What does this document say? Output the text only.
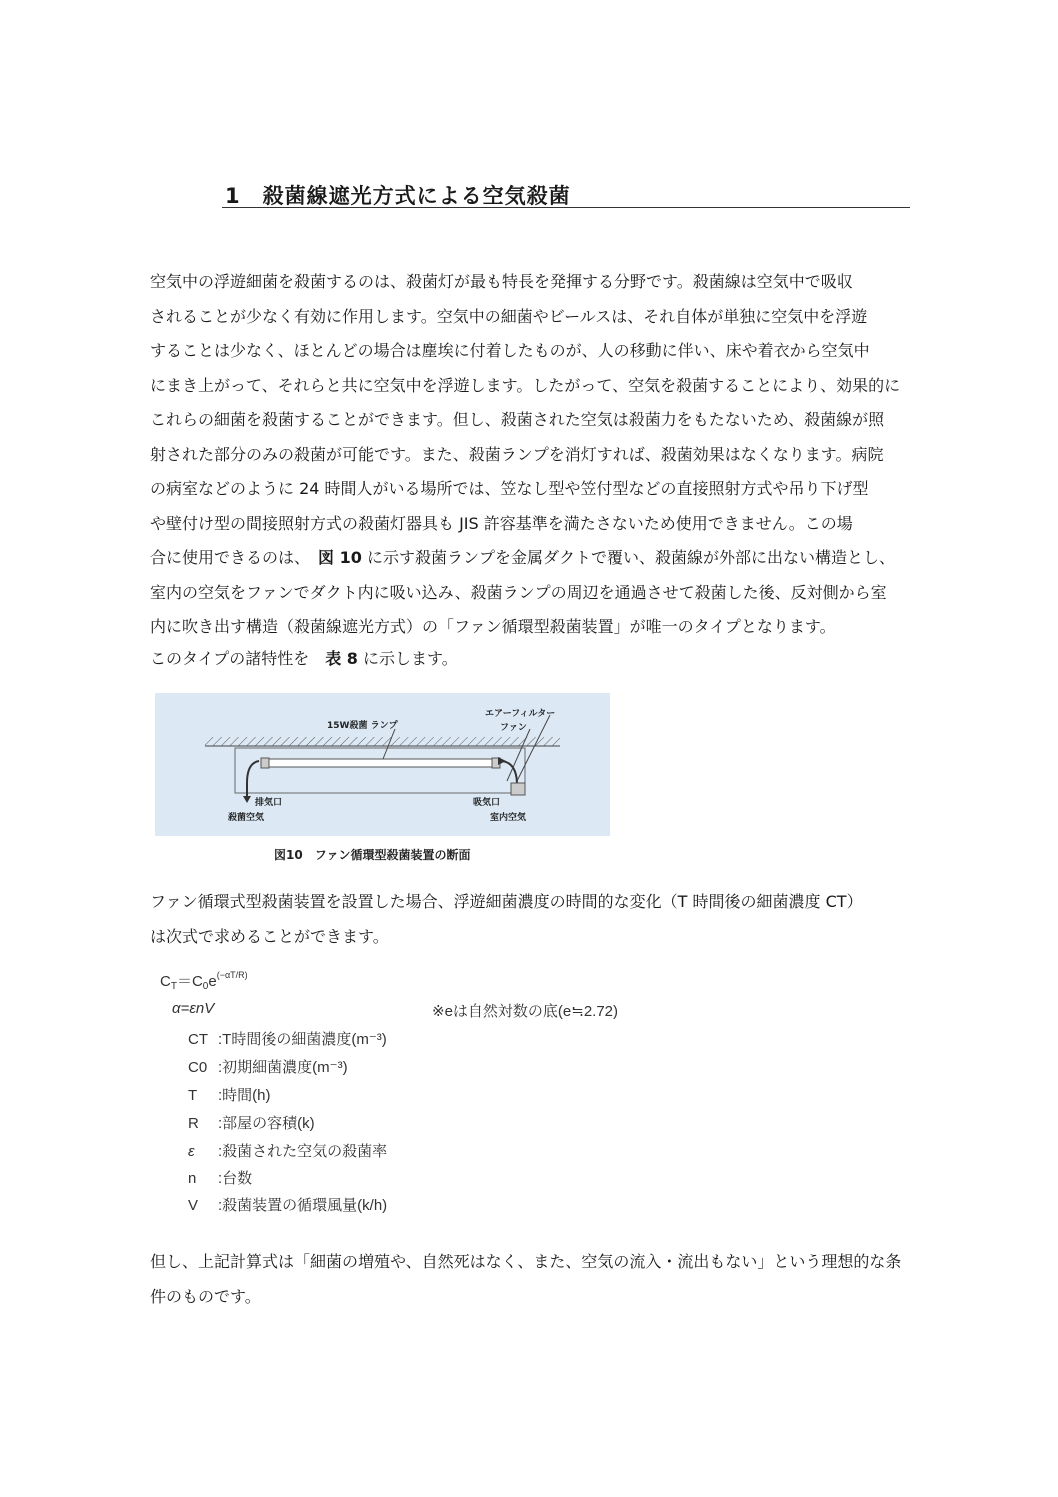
1　 殺菌線遮光方式による空気殺菌
空気中の浮遊細菌を殺菌するのは、殺菌灯が最も特長を発揮する分野です。殺菌線は空気中で吸収
されることが少なく有効に作用します。空気中の細菌やビールスは、それ自体が単独に空気中を浮遊
することは少なく、ほとんどの場合は塵埃に付着したものが、人の移動に伴い、床や着衣から空気中
にまき上がって、それらと共に空気中を浮遊します。したがって、空気を殺菌することにより、効果的に
これらの細菌を殺菌することができます。但し、殺菌された空気は殺菌力をもたないため、殺菌線が照
射された部分のみの殺菌が可能です。また、殺菌ランプを消灯すれば、殺菌効果はなくなります。病院
の病室などのように 24 時間人がいる場所では、笠なし型や笠付型などの直接照射方式や吊り下げ型
や壁付け型の間接照射方式の殺菌灯器具も JIS 許容基準を満たさないため使用できません。この場
合に使用できるのは、　図 10 に示す殺菌ランプを金属ダクトで覆い、殺菌線が外部に出ない構造とし、
室内の空気をファンでダクト内に吸い込み、殺菌ランプの周辺を通過させて殺菌した後、反対側から室
内に吹き出す構造（殺菌線遮光方式）の「ファン循環型殺菌装置」が唯一のタイプとなります。
このタイプの諸特性を　表 8 に示します。
15W殺菌 ランプ
エアーフィルター
ファン
排気口
殺菌空気
吸気口
室内空気
図10　ファン循環型殺菌装置の断面
ファン循環式型殺菌装置を設置した場合、浮遊細菌濃度の時間的な変化（T 時間後の細菌濃度 CT）
は次式で求めることができます。
$C_T=C_0e^{(-\alpha T/R)}$
α=εnV	※eは自然対数の底(e≒2.72)
CT :T時間後の細菌濃度(m⁻³)
C0 :初期細菌濃度(m⁻³)
T :時間(h)
R :部屋の容積(k)
ε :殺菌された空気の殺菌率
n :台数
V :殺菌装置の循環風量(k/h)
但し、上記計算式は「細菌の増殖や、自然死はなく、また、空気の流入・流出もない」という理想的な条
件のものです。
